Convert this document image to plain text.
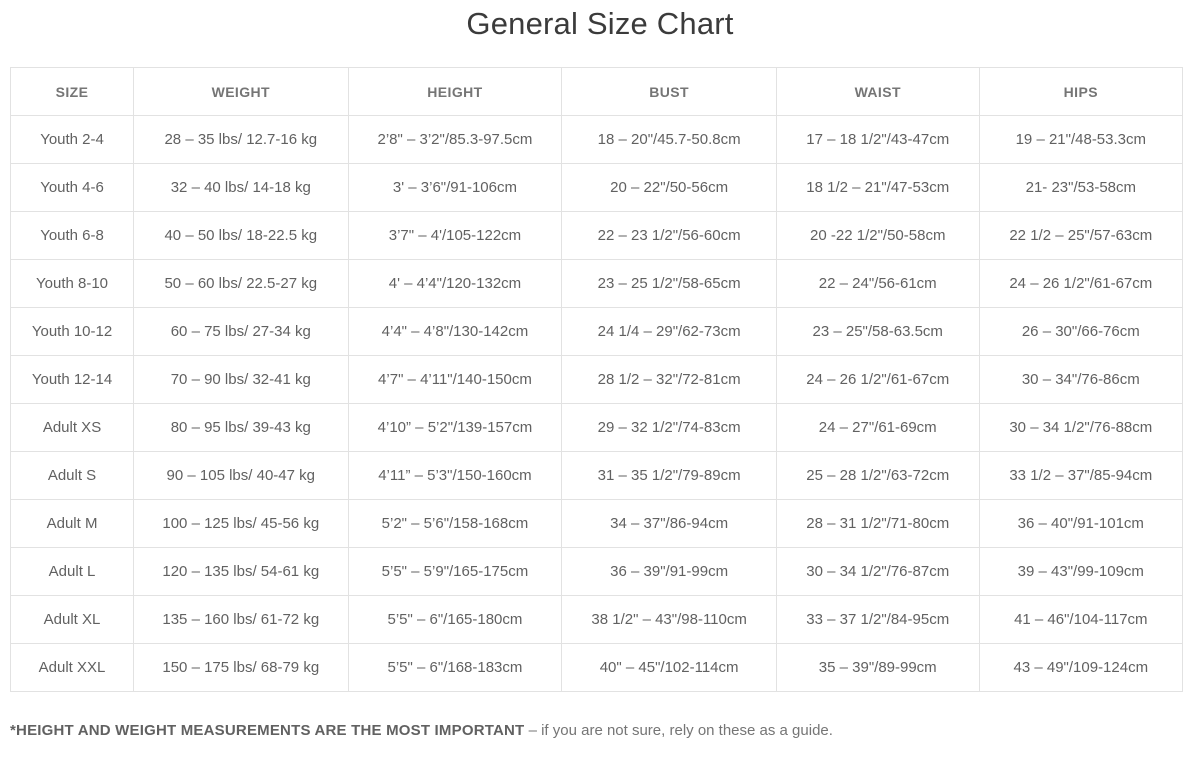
General Size Chart
SIZE	WEIGHT	HEIGHT	BUST	WAIST	HIPS
Youth 2-4	28 – 35 lbs/ 12.7-16 kg	2’8" – 3’2"/85.3-97.5cm	18 – 20"/45.7-50.8cm	17 – 18 1/2"/43-47cm	19 – 21"/48-53.3cm
Youth 4-6	32 – 40 lbs/ 14-18 kg	3' – 3’6"/91-106cm	20 – 22"/50-56cm	18 1/2 – 21"/47-53cm	21- 23"/53-58cm
Youth 6-8	40 – 50 lbs/ 18-22.5 kg	3’7" – 4'/105-122cm	22 – 23 1/2"/56-60cm	20 -22 1/2"/50-58cm	22 1/2 – 25"/57-63cm
Youth 8-10	50 – 60 lbs/ 22.5-27 kg	4' – 4’4"/120-132cm	23 – 25 1/2"/58-65cm	22 – 24"/56-61cm	24 – 26 1/2"/61-67cm
Youth 10-12	60 – 75 lbs/ 27-34 kg	4’4" – 4’8"/130-142cm	24 1/4 – 29"/62-73cm	23 – 25"/58-63.5cm	26 – 30"/66-76cm
Youth 12-14	70 – 90 lbs/ 32-41 kg	4’7" – 4’11"/140-150cm	28 1/2 – 32"/72-81cm	24 – 26 1/2"/61-67cm	30 – 34"/76-86cm
Adult XS	80 – 95 lbs/ 39-43 kg	4’10” – 5’2"/139-157cm	29 – 32 1/2"/74-83cm	24 – 27"/61-69cm	30 – 34 1/2"/76-88cm
Adult S	90 – 105 lbs/ 40-47 kg	4’11” – 5’3"/150-160cm	31 – 35 1/2"/79-89cm	25 – 28 1/2"/63-72cm	33 1/2 – 37"/85-94cm
Adult M	100 – 125 lbs/ 45-56 kg	5’2" – 5’6"/158-168cm	34 – 37"/86-94cm	28 – 31 1/2"/71-80cm	36 – 40"/91-101cm
Adult L	120 – 135 lbs/ 54-61 kg	5’5" – 5’9"/165-175cm	36 – 39"/91-99cm	30 – 34 1/2"/76-87cm	39 – 43"/99-109cm
Adult XL	135 – 160 lbs/ 61-72 kg	5’5" – 6"/165-180cm	38 1/2" – 43"/98-110cm	33 – 37 1/2"/84-95cm	41 – 46"/104-117cm
Adult XXL	150 – 175 lbs/ 68-79 kg	5’5" – 6"/168-183cm	40" – 45"/102-114cm	35 – 39"/89-99cm	43 – 49"/109-124cm

*HEIGHT AND WEIGHT MEASUREMENTS ARE THE MOST IMPORTANT – if you are not sure, rely on these as a guide.
